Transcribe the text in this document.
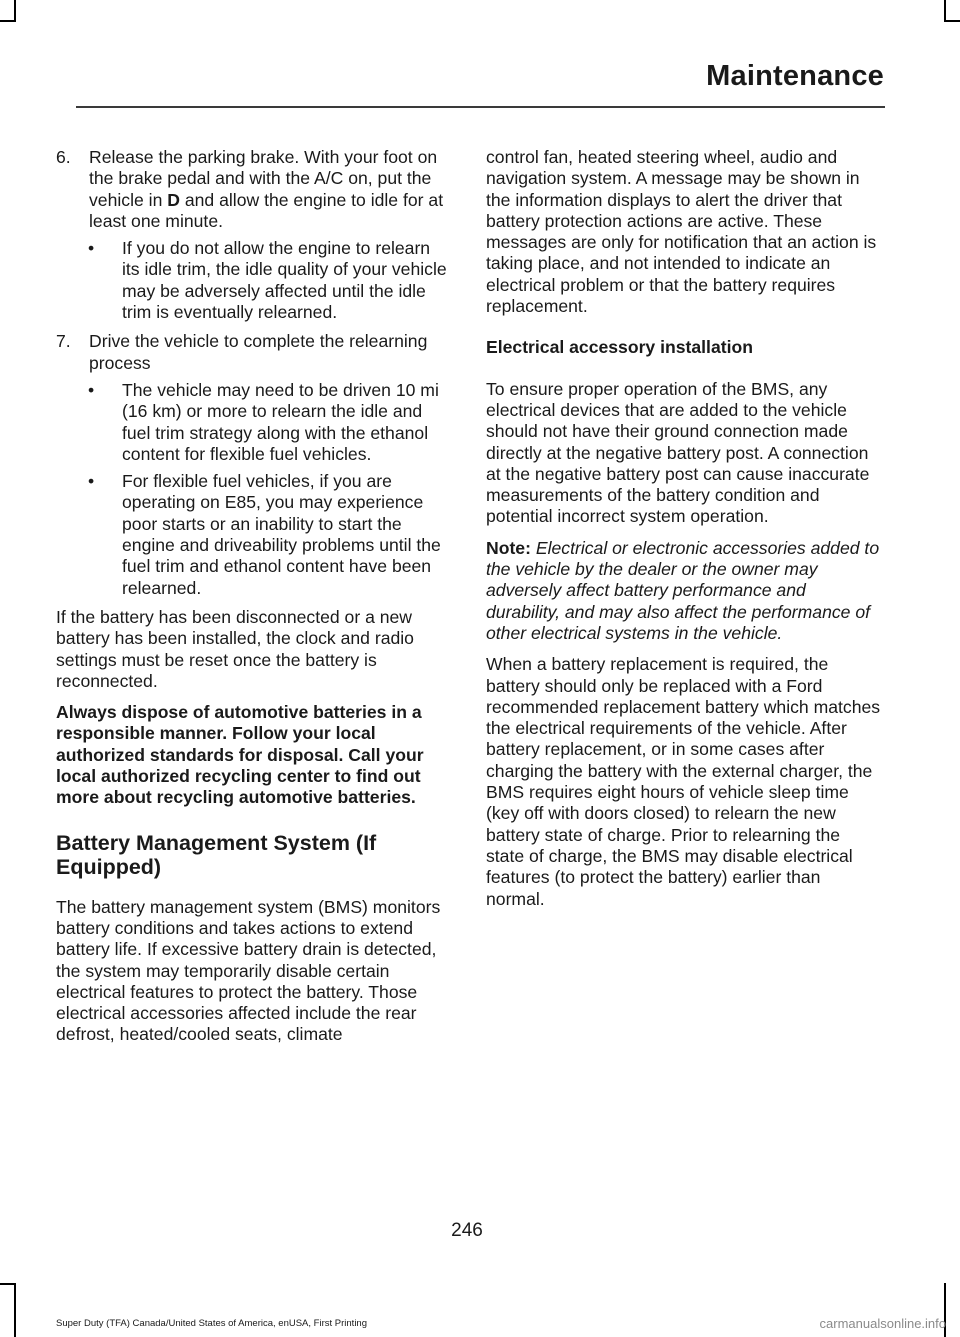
Maintenance
6. Release the parking brake. With your foot on the brake pedal and with the A/C on, put the vehicle in D and allow the engine to idle for at least one minute.
• If you do not allow the engine to relearn its idle trim, the idle quality of your vehicle may be adversely affected until the idle trim is eventually relearned.
7. Drive the vehicle to complete the relearning process
• The vehicle may need to be driven 10 mi (16 km) or more to relearn the idle and fuel trim strategy along with the ethanol content for flexible fuel vehicles.
• For flexible fuel vehicles, if you are operating on E85, you may experience poor starts or an inability to start the engine and driveability problems until the fuel trim and ethanol content have been relearned.

If the battery has been disconnected or a new battery has been installed, the clock and radio settings must be reset once the battery is reconnected.

Always dispose of automotive batteries in a responsible manner. Follow your local authorized standards for disposal. Call your local authorized recycling center to find out more about recycling automotive batteries.

Battery Management System (If Equipped)

The battery management system (BMS) monitors battery conditions and takes actions to extend battery life. If excessive battery drain is detected, the system may temporarily disable certain electrical features to protect the battery. Those electrical accessories affected include the rear defrost, heated/cooled seats, climate

control fan, heated steering wheel, audio and navigation system. A message may be shown in the information displays to alert the driver that battery protection actions are active. These messages are only for notification that an action is taking place, and not intended to indicate an electrical problem or that the battery requires replacement.

Electrical accessory installation

To ensure proper operation of the BMS, any electrical devices that are added to the vehicle should not have their ground connection made directly at the negative battery post. A connection at the negative battery post can cause inaccurate measurements of the battery condition and potential incorrect system operation.

Note: Electrical or electronic accessories added to the vehicle by the dealer or the owner may adversely affect battery performance and durability, and may also affect the performance of other electrical systems in the vehicle.

When a battery replacement is required, the battery should only be replaced with a Ford recommended replacement battery which matches the electrical requirements of the vehicle. After battery replacement, or in some cases after charging the battery with the external charger, the BMS requires eight hours of vehicle sleep time (key off with doors closed) to relearn the new battery state of charge. Prior to relearning the state of charge, the BMS may disable electrical features (to protect the battery) earlier than normal.

246
Super Duty (TFA) Canada/United States of America, enUSA, First Printing	carmanualsonline.info
